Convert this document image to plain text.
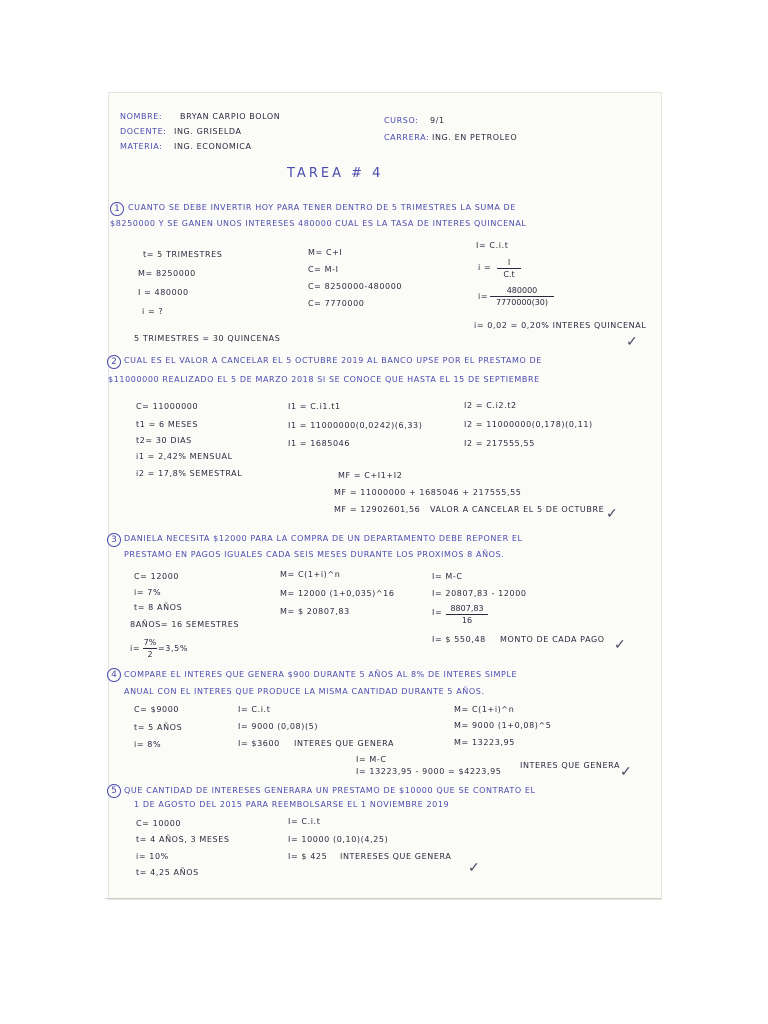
NOMBRE: BRYAN CARPIO BOLON
DOCENTE: ING. GRISELDA
MATERIA: ING. ECONOMICA
CURSO: 9/1
CARRERA: ING. EN PETROLEO
TAREA # 4
1	CUANTO SE DEBE INVERTIR HOY PARA TENER DENTRO DE 5 TRIMESTRES LA SUMA DE
$8250000 Y SE GANEN UNOS INTERESES 480000 CUAL ES LA TASA DE INTERES QUINCENAL
t= 5 TRIMESTRES
M= 8250000
I = 480000
i = ?
M= C+I
C= M-I
C= 8250000-480000
C= 7770000
I= C.i.t
i =
I
C.t
i=
480000
7770000(30)
i= 0,02 = 0,20% INTERES QUINCENAL
5 TRIMESTRES = 30 QUINCENAS	✓
2 CUAL ES EL VALOR A CANCELAR EL 5 OCTUBRE 2019 AL BANCO UPSE POR EL PRESTAMO DE
$11000000 REALIZADO EL 5 DE MARZO 2018 SI SE CONOCE QUE HASTA EL 15 DE SEPTIEMBRE
C= 11000000
t1 = 6 MESES
t2= 30 DIAS
i1 = 2,42% MENSUAL
i2 = 17,8% SEMESTRAL
I1 = C.i1.t1
I1 = 11000000(0,0242)(6,33)
I1 = 1685046
I2 = C.i2.t2
I2 = 11000000(0,178)(0,11)
I2 = 217555,55
MF = C+I1+I2
MF = 11000000 + 1685046 + 217555,55
MF = 12902601,56 VALOR A CANCELAR EL 5 DE OCTUBRE ✓
3 DANIELA NECESITA $12000 PARA LA COMPRA DE UN DEPARTAMENTO DEBE REPONER EL
PRESTAMO EN PAGOS IGUALES CADA SEIS MESES DURANTE LOS PROXIMOS 8 AÑOS.
C= 12000
i= 7%
t= 8 AÑOS
8AÑOS= 16 SEMESTRES
i=
7%
2
=3,5%
M= C(1+i)^n
M= 12000 (1+0,035)^16
M= $ 20807,83
I= M-C
I= 20807,83 - 12000
I=	8807,83
16
I= $ 550,48 MONTO DE CADA PAGO ✓
4 COMPARE EL INTERES QUE GENERA $900 DURANTE 5 AÑOS AL 8% DE INTERES SIMPLE
ANUAL CON EL INTERES QUE PRODUCE LA MISMA CANTIDAD DURANTE 5 AÑOS.
C= $9000
t= 5 AÑOS
i= 8%
I= C.i.t
I= 9000 (0,08)(5)
I= $3600 INTERES QUE GENERA
M= C(1+i)^n
M= 9000 (1+0,08)^5
M= 13223,95
I= M-C
I= 13223,95 - 9000 = $4223,95
INTERES QUE GENERA ✓
5 QUE CANTIDAD DE INTERESES GENERARA UN PRESTAMO DE $10000 QUE SE CONTRATO EL
1 DE AGOSTO DEL 2015 PARA REEMBOLSARSE EL 1 NOVIEMBRE 2019
C= 10000
t= 4 AÑOS, 3 MESES
i= 10%
t= 4,25 AÑOS
I= C.i.t
I= 10000 (0,10)(4,25)
I= $ 425 INTERESES QUE GENERA
✓
